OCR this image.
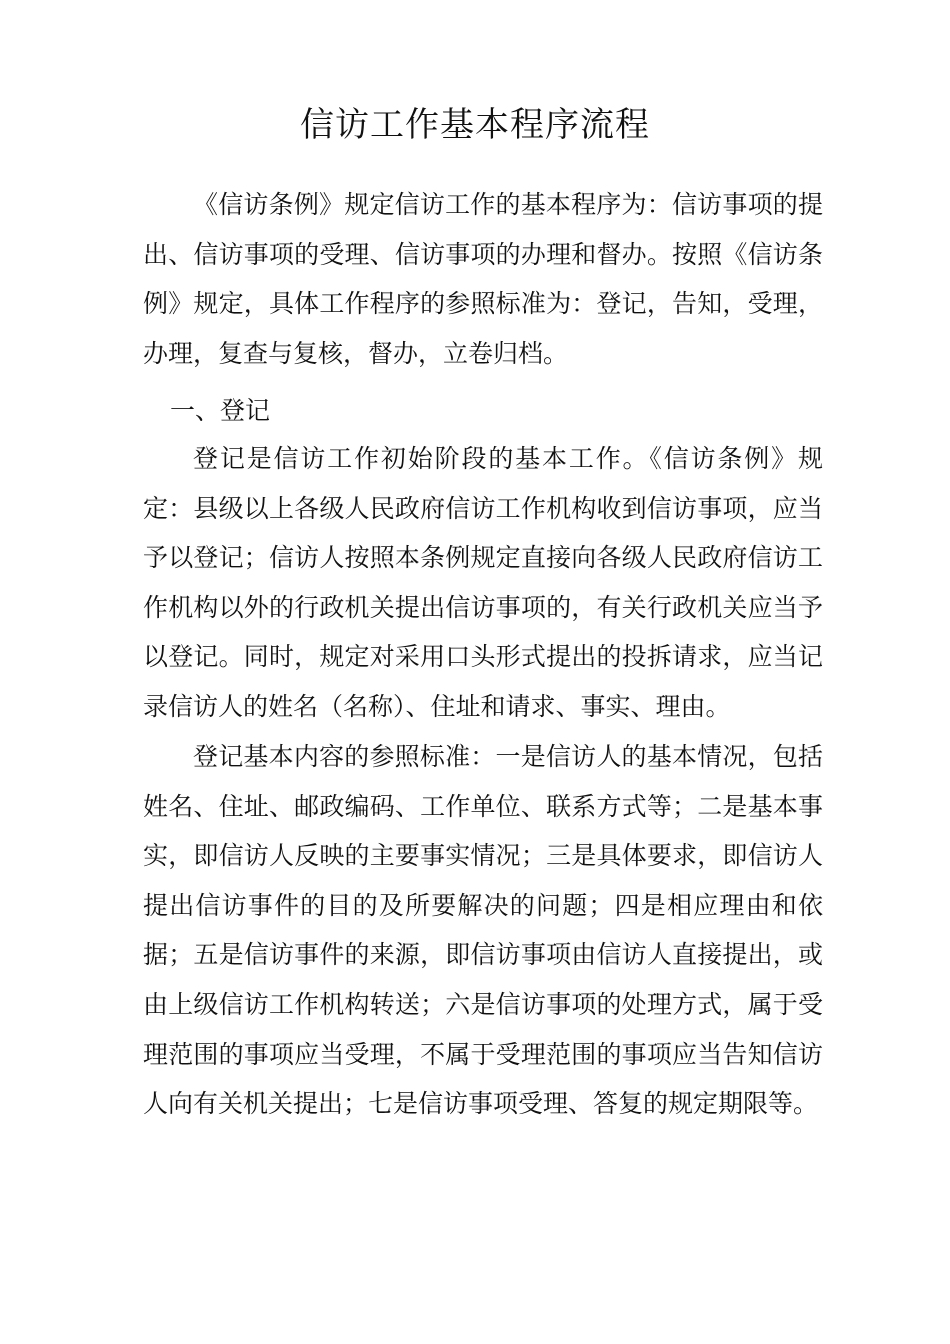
信访工作基本程序流程

《信访条例》规定信访工作的基本程序为：信访事项的提出、信访事项的受理、信访事项的办理和督办。按照《信访条例》规定，具体工作程序的参照标准为：登记，告知，受理，办理，复查与复核，督办，立卷归档。

一、登记

登记是信访工作初始阶段的基本工作。《信访条例》规定：县级以上各级人民政府信访工作机构收到信访事项，应当予以登记；信访人按照本条例规定直接向各级人民政府信访工作机构以外的行政机关提出信访事项的，有关行政机关应当予以登记。同时，规定对采用口头形式提出的投拆请求，应当记录信访人的姓名（名称）、住址和请求、事实、理由。

登记基本内容的参照标准：一是信访人的基本情况，包括姓名、住址、邮政编码、工作单位、联系方式等；二是基本事实，即信访人反映的主要事实情况；三是具体要求，即信访人提出信访事件的目的及所要解决的问题；四是相应理由和依据；五是信访事件的来源，即信访事项由信访人直接提出，或由上级信访工作机构转送；六是信访事项的处理方式，属于受理范围的事项应当受理，不属于受理范围的事项应当告知信访人向有关机关提出；七是信访事项受理、答复的规定期限等。
